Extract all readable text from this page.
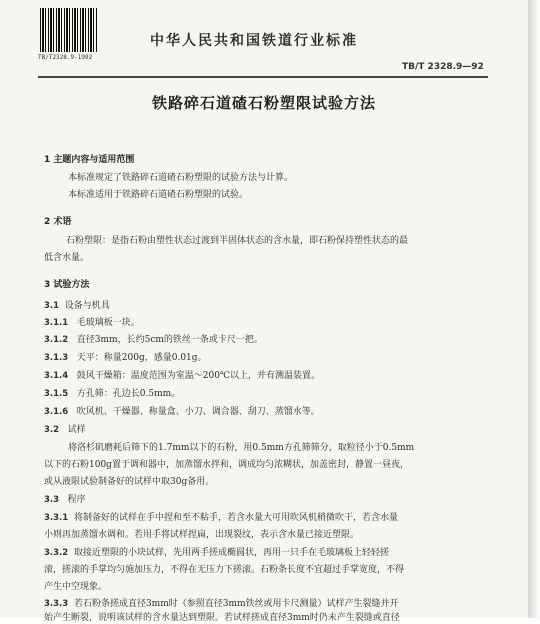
TB/T2328.9-1992
中华人民共和国铁道行业标准
TB/T 2328.9—92
铁路碎石道碴石粉塑限试验方法
1 主题内容与适用范围
本标准规定了铁路碎石道碴石粉塑限的试验方法与计算。
本标准适用于铁路碎石道碴石粉塑限的试验。
2 术语
石粉塑限：是指石粉由塑性状态过渡到半固体状态的含水量，即石粉保持塑性状态的最
低含水量。
3 试验方法
3.1 设备与机具
3.1.1 毛玻璃板一块。
3.1.2 直径3mm，长约5cm的铁丝一条或卡尺一把。
3.1.3 天平：称量200g，感量0.01g。
3.1.4 鼓风干燥箱：温度范围为室温～200℃以上，并有测温装置。
3.1.5 方孔筛：孔边长0.5mm。
3.1.6 吹风机、干燥器、称量盒、小刀、调合器、刮刀、蒸馏水等。
3.2 试样
将洛杉矶磨耗后筛下的1.7mm以下的石粉，用0.5mm方孔筛筛分，取粒径小于0.5mm
以下的石粉100g置于调和器中，加蒸馏水拌和，调成均匀浓糊状，加盖密封，静置一昼夜，
或从液限试验制备好的试样中取30g备用。
3.3 程序
3.3.1 将制备好的试样在手中捏和至不粘手，若含水量大可用吹风机稍微吹干，若含水量
小则再加蒸馏水调和。若用手将试样捏扁，出现裂纹，表示含水量已接近塑限。
3.3.2 取接近塑限的小块试样，先用两手搓成椭圆状，再用一只手在毛玻璃板上轻轻搓
滚，搓滚的手掌均匀施加压力，不得在无压力下搓滚。石粉条长度不宜超过手掌宽度，不得
产生中空现象。
3.3.3 若石粉条搓成直径3mm时（参照直径3mm铁丝或用卡尺测量）试样产生裂缝并开
始产生断裂，说明该试样的含水量达到塑限。若试样搓成直径3mm时仍未产生裂缝或直径
